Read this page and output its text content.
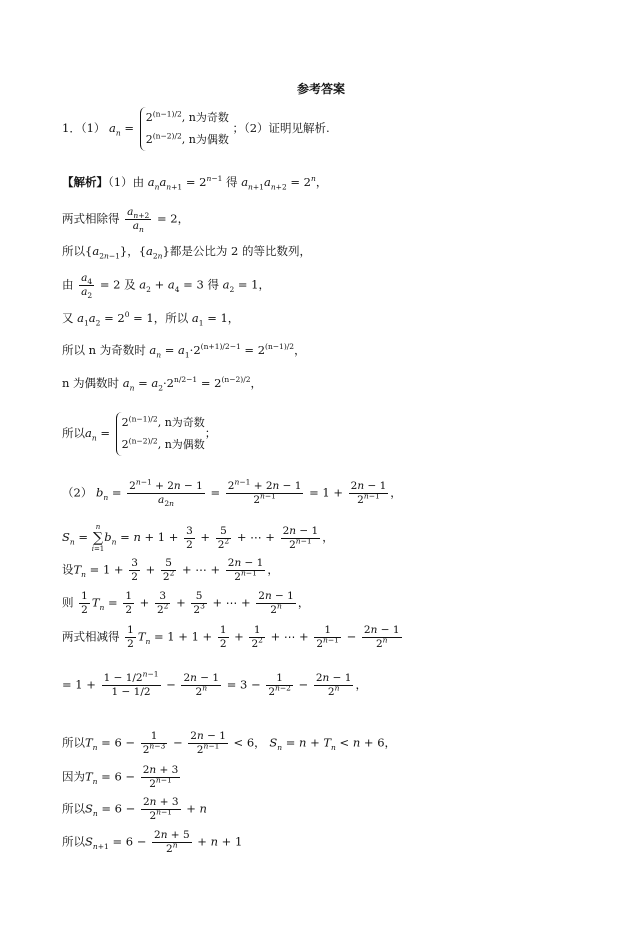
参考答案
1．（1） $a_n$ =
$2^{(n-1)/2}$, n为奇数
$2^{(n-2)/2}$, n为偶数
；（2）证明见解析.
【解析】（1）由 $a_na_{n+1} = 2^{n-1}$ 得 $a_{n+1}a_{n+2} = 2^n$，
两式相除得 $\frac{a_{n+2}}{a_n} = 2$，
所以$\{a_{2n-1}\}$，$\{a_{2n}\}$都是公比为 2 的等比数列，
由 $\frac{a_4}{a_2} = 2$ 及 $a_2 + a_4 = 3$ 得 $a_2 = 1$，
又 $a_1a_2 = 2^0 = 1$，所以 $a_1 = 1$，
所以 n 为奇数时 $a_n = a_1\cdot 2^{(n+1)/2-1} = 2^{(n-1)/2}$，
n 为偶数时 $a_n = a_2\cdot 2^{n/2-1} = 2^{(n-2)/2}$，
所以$a_n$ =
$2^{(n-1)/2}$, n为奇数
$2^{(n-2)/2}$, n为偶数
；
（2） $b_n = \frac{2^{n-1} + 2n - 1}{a_{2n}} = \frac{2^{n-1} + 2n - 1}{2^{n-1}} = 1 + \frac{2n - 1}{2^{n-1}}$ ，
$S_n$ =
n
∑
i=1
$b_n = n + 1 + \frac{3}{2} + \frac{5}{2^2}$ + ⋯ + $\frac{2n - 1}{2^{n-1}}$ ，
设$T_n = 1 + \frac{3}{2} + \frac{5}{2^2}$ + ⋯ + $\frac{2n - 1}{2^{n-1}}$ ，
则 $\frac{1}{2} T_n = \frac{1}{2} + \frac{3}{2^2} + \frac{5}{2^3}$ + ⋯ + $\frac{2n - 1}{2^n}$ ，
两式相减得 $\frac{1}{2} T_n = 1 + 1 + \frac{1}{2} + \frac{1}{2^2}$ + ⋯ + $\frac{1}{2^{n-1}} - \frac{2n - 1}{2^n}$
= $1 + \frac{1 - 1/2^{n-1}}{1 - 1/2} - \frac{2n - 1}{2^n} = 3 - \frac{1}{2^{n-2}} - \frac{2n - 1}{2^n}$ ，
所以$T_n = 6 - \frac{1}{2^{n-3}} - \frac{2n - 1}{2^{n-1}} < 6$， $S_n = n + T_n < n + 6$，
因为$T_n = 6 - \frac{2n + 3}{2^{n-1}}$
所以$S_n = 6 - \frac{2n + 3}{2^{n-1}} + n$
所以$S_{n+1} = 6 - \frac{2n + 5}{2^n} + n + 1$
